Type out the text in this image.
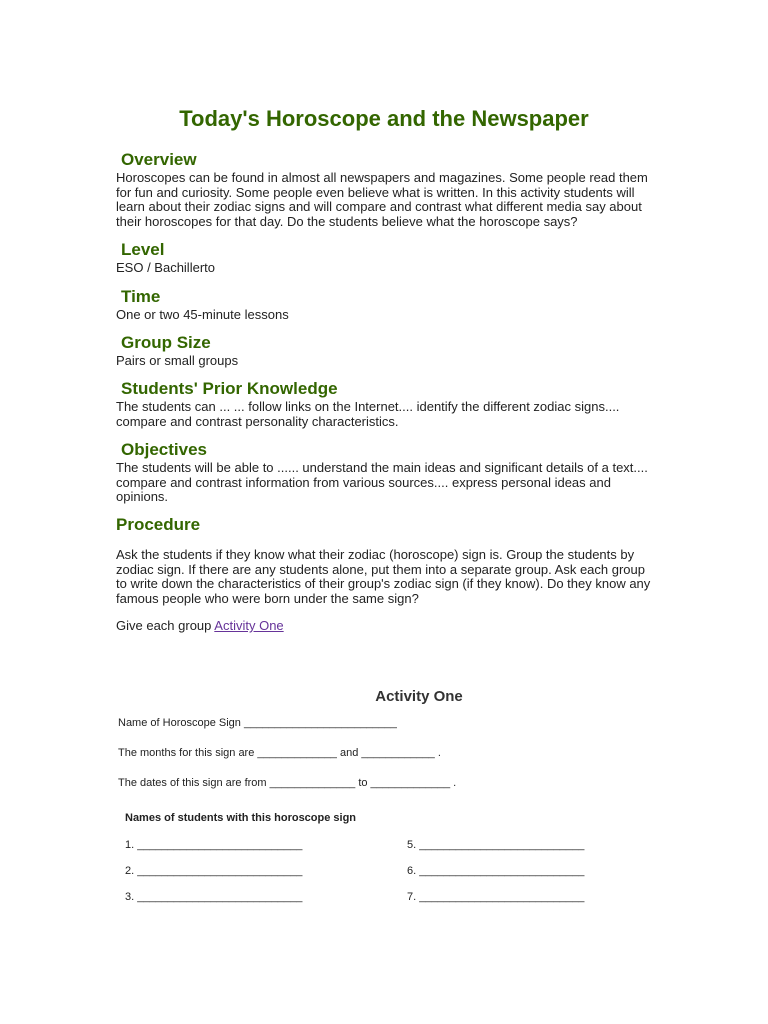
Today's Horoscope and the Newspaper
Overview

Horoscopes can be found in almost all newspapers and magazines. Some people read them for fun and curiosity. Some people even believe what is written. In this activity students will learn about their zodiac signs and will compare and contrast what different media say about their horoscopes for that day. Do the students believe what the horoscope says?

Level

ESO / Bachillerto

Time

One or two 45-minute lessons

Group Size

Pairs or small groups

Students' Prior Knowledge

The students can ... ... follow links on the Internet.... identify the different zodiac signs.... compare and contrast personality characteristics.

Objectives

The students will be able to ...... understand the main ideas and significant details of a text.... compare and contrast information from various sources.... express personal ideas and opinions.

Procedure

Ask the students if they know what their zodiac (horoscope) sign is. Group the students by zodiac sign. If there are any students alone, put them into a separate group. Ask each group to write down the characteristics of their group's zodiac sign (if they know). Do they know any famous people who were born under the same sign?

Give each group Activity One

Activity One
Name of Horoscope Sign _________________________
The months for this sign are _____________ and ____________ .
The dates of this sign are from ______________ to _____________ .
Names of students with this horoscope sign
1. ___________________________
2. ___________________________
3. ___________________________
5. ___________________________
6. ___________________________
7. ___________________________
